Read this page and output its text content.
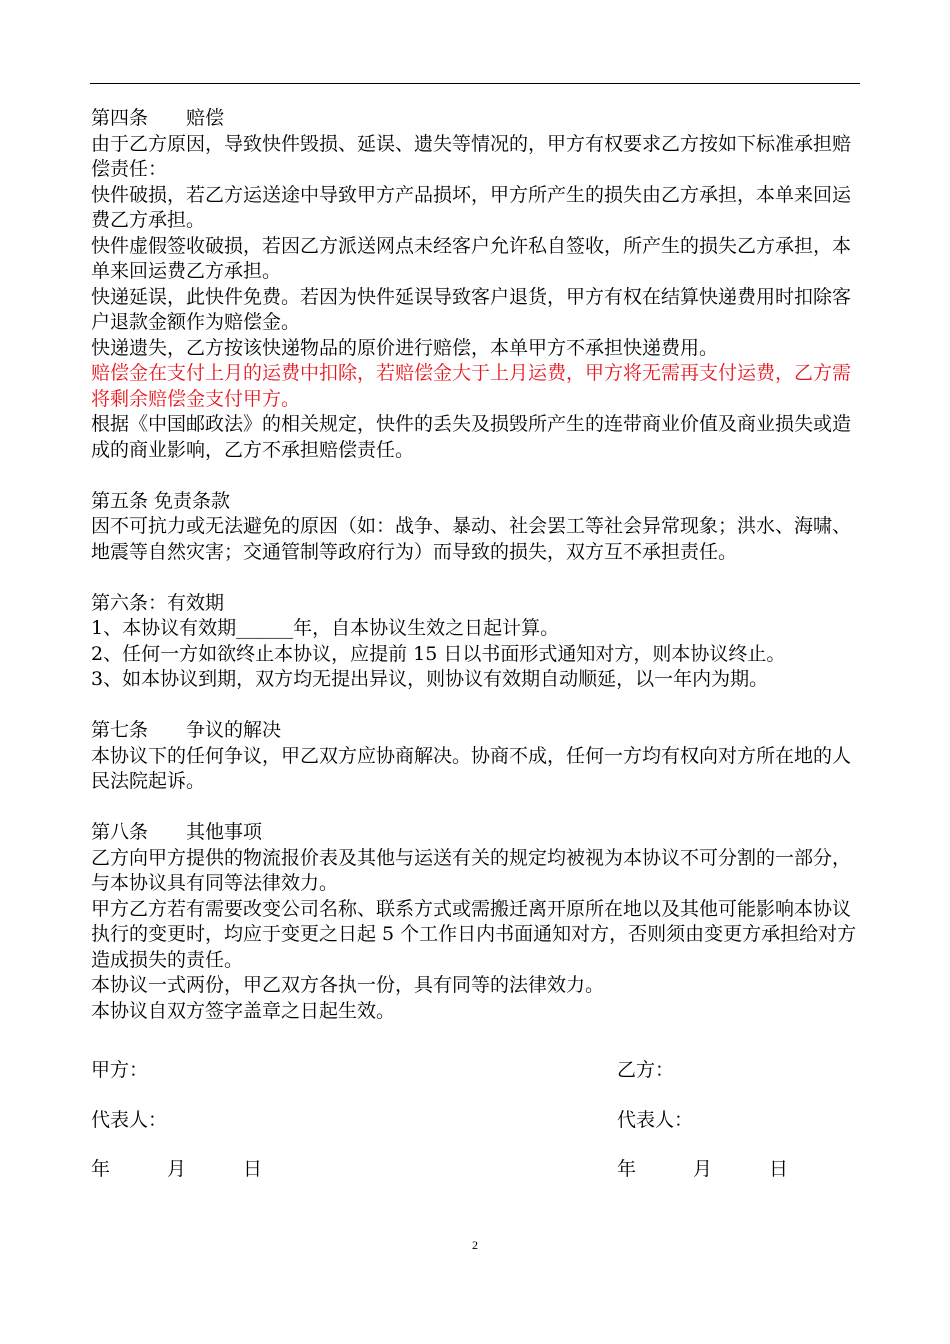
第四条　　赔偿

由于乙方原因，导致快件毁损、延误、遗失等情况的，甲方有权要求乙方按如下标准承担赔偿责任：

快件破损，若乙方运送途中导致甲方产品损坏，甲方所产生的损失由乙方承担，本单来回运费乙方承担。

快件虚假签收破损，若因乙方派送网点未经客户允许私自签收，所产生的损失乙方承担，本单来回运费乙方承担。

快递延误，此快件免费。若因为快件延误导致客户退货，甲方有权在结算快递费用时扣除客户退款金额作为赔偿金。

快递遗失，乙方按该快递物品的原价进行赔偿，本单甲方不承担快递费用。

赔偿金在支付上月的运费中扣除，若赔偿金大于上月运费，甲方将无需再支付运费，乙方需将剩余赔偿金支付甲方。

根据《中国邮政法》的相关规定，快件的丢失及损毁所产生的连带商业价值及商业损失或造成的商业影响，乙方不承担赔偿责任。

第五条 免责条款

因不可抗力或无法避免的原因（如：战争、暴动、社会罢工等社会异常现象；洪水、海啸、地震等自然灾害；交通管制等政府行为）而导致的损失，双方互不承担责任。

第六条：有效期

1、本协议有效期______年，自本协议生效之日起计算。

2、任何一方如欲终止本协议，应提前 15 日以书面形式通知对方，则本协议终止。

3、如本协议到期，双方均无提出异议，则协议有效期自动顺延，以一年内为期。

第七条　　争议的解决

本协议下的任何争议，甲乙双方应协商解决。协商不成，任何一方均有权向对方所在地的人民法院起诉。

第八条　　其他事项

乙方向甲方提供的物流报价表及其他与运送有关的规定均被视为本协议不可分割的一部分，与本协议具有同等法律效力。

甲方乙方若有需要改变公司名称、联系方式或需搬迁离开原所在地以及其他可能影响本协议执行的变更时，均应于变更之日起 5 个工作日内书面通知对方，否则须由变更方承担给对方造成损失的责任。

本协议一式两份，甲乙双方各执一份，具有同等的法律效力。

本协议自双方签字盖章之日起生效。

甲方：	乙方：
代表人：	代表人：
年　　　月　　　日	年　　　月　　　日
2
